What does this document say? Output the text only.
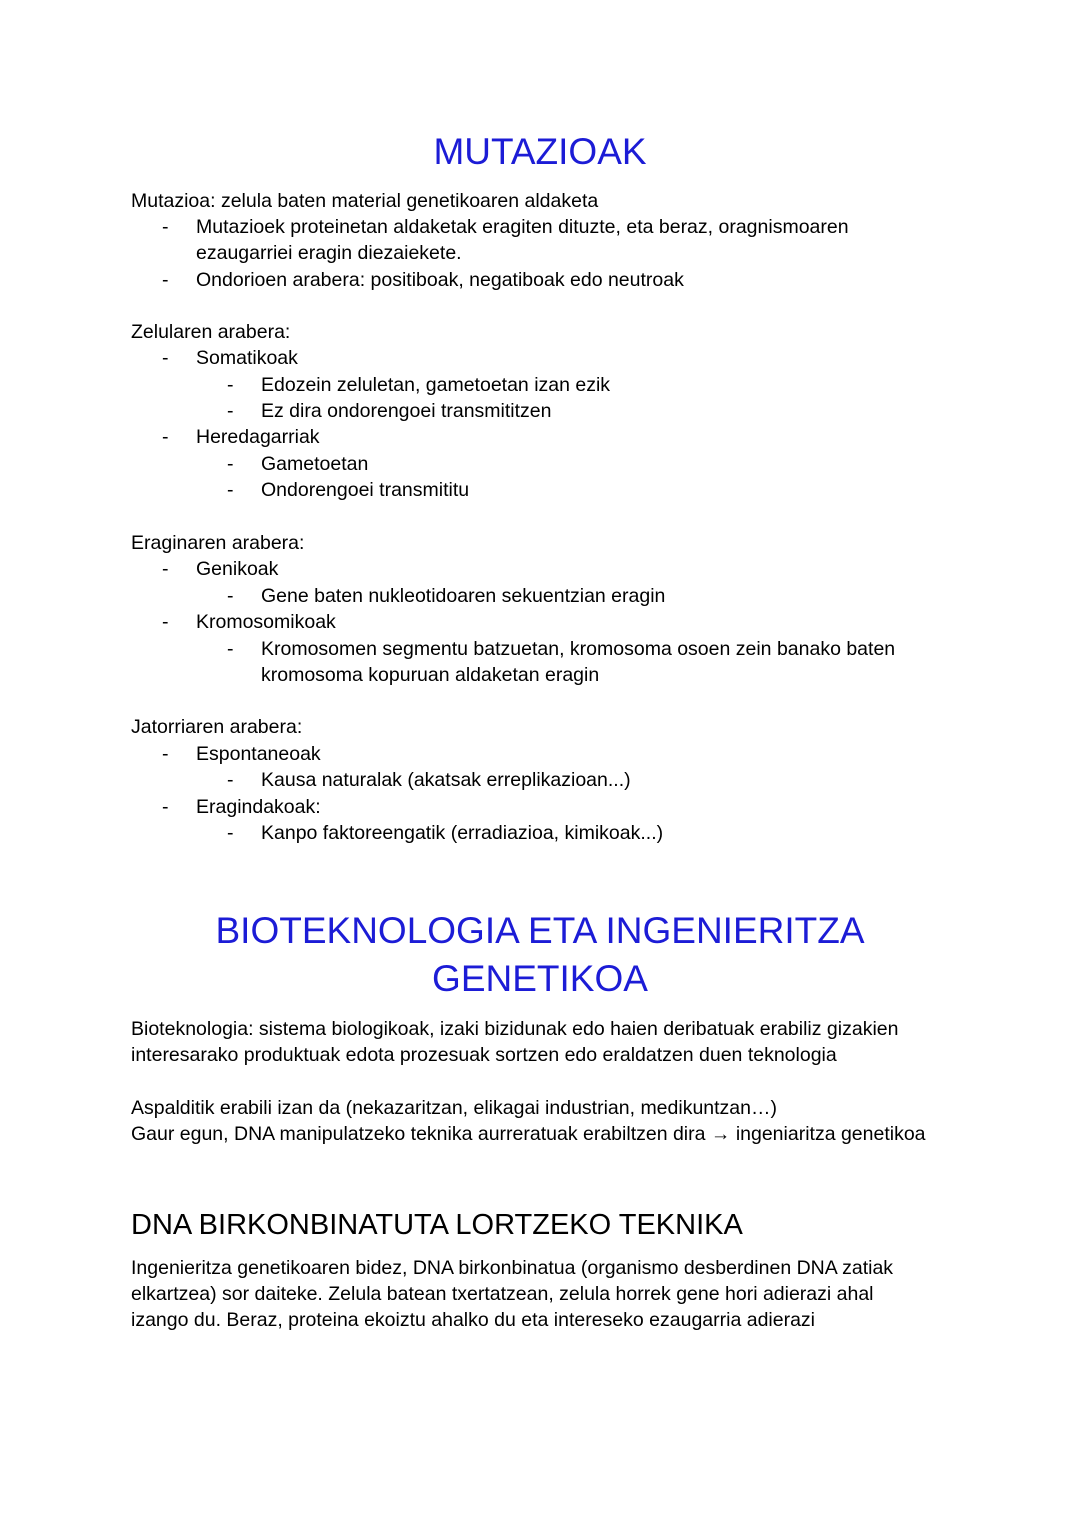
MUTAZIOAK

Mutazioa: zelula baten material genetikoaren aldaketa

- Mutazioek proteinetan aldaketak eragiten dituzte, eta beraz, oragnismoaren

ezaugarriei eragin diezaiekete.

- Ondorioen arabera: positiboak, negatiboak edo neutroak

Zelularen arabera:

- Somatikoak

- Edozein zeluletan, gametoetan izan ezik

- Ez dira ondorengoei transmititzen

- Heredagarriak

- Gametoetan

- Ondorengoei transmititu

Eraginaren arabera:

- Genikoak

- Gene baten nukleotidoaren sekuentzian eragin

- Kromosomikoak

- Kromosomen segmentu batzuetan, kromosoma osoen zein banako baten

kromosoma kopuruan aldaketan eragin

Jatorriaren arabera:

- Espontaneoak

- Kausa naturalak (akatsak erreplikazioan...)

- Eragindakoak:

- Kanpo faktoreengatik (erradiazioa, kimikoak...)

BIOTEKNOLOGIA ETA INGENIERITZA
GENETIKOA

Bioteknologia: sistema biologikoak, izaki bizidunak edo haien deribatuak erabiliz gizakien

interesarako produktuak edota prozesuak sortzen edo eraldatzen duen teknologia

Aspalditik erabili izan da (nekazaritzan, elikagai industrian, medikuntzan…)

Gaur egun, DNA manipulatzeko teknika aurreratuak erabiltzen dira → ingeniaritza genetikoa

DNA BIRKONBINATUTA LORTZEKO TEKNIKA

Ingenieritza genetikoaren bidez, DNA birkonbinatua (organismo desberdinen DNA zatiak

elkartzea) sor daiteke. Zelula batean txertatzean, zelula horrek gene hori adierazi ahal

izango du. Beraz, proteina ekoiztu ahalko du eta intereseko ezaugarria adierazi
